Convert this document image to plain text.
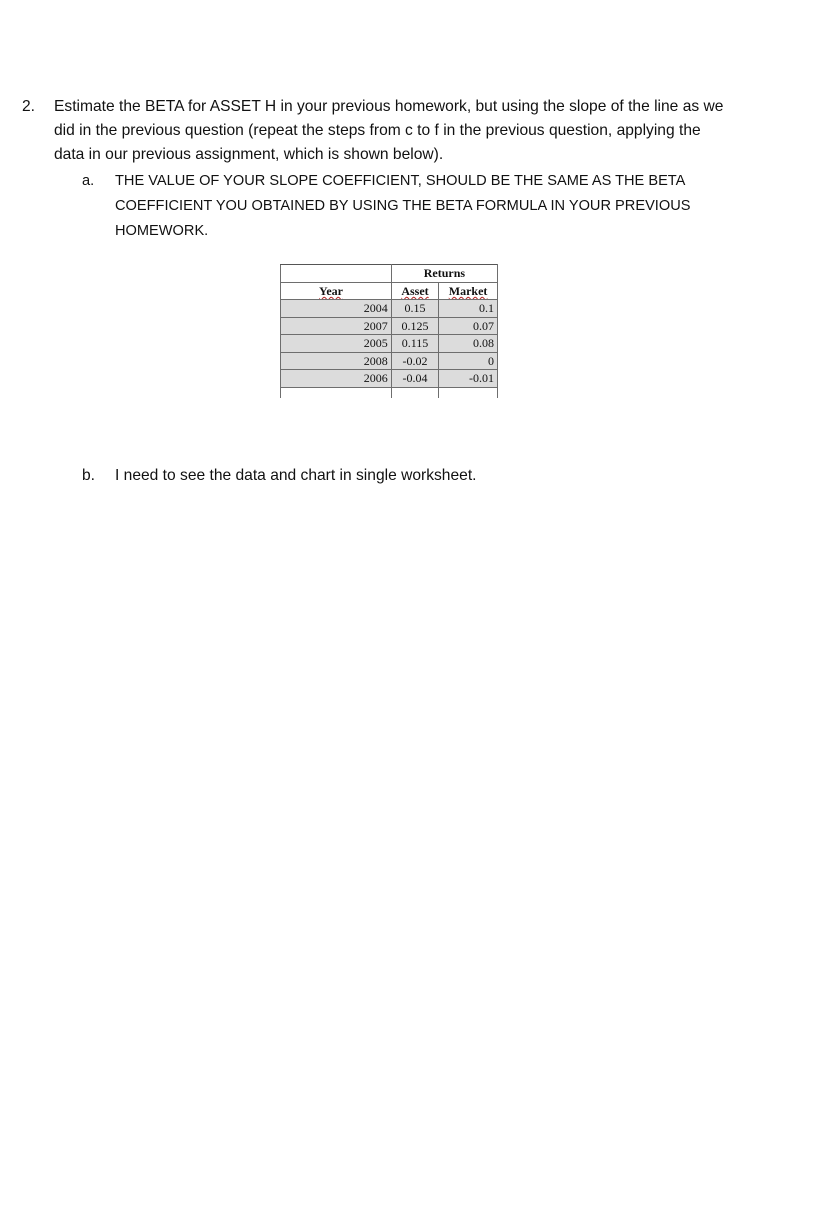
2.	Estimate the BETA for ASSET H in your previous homework, but using the slope of the line as we
did in the previous question (repeat the steps from c to f in the previous question, applying the
data in our previous assignment, which is shown below).
a.	THE VALUE OF YOUR SLOPE COEFFICIENT, SHOULD BE THE SAME AS THE BETA
COEFFICIENT YOU OBTAINED BY USING THE BETA FORMULA IN YOUR PREVIOUS
HOMEWORK.
	Returns	
Year	Asset	Market
2004	0.15	0.1
2007	0.125	0.07
2005	0.115	0.08
2008	-0.02	0
2006	-0.04	-0.01

b.	I need to see the data and chart in single worksheet.
